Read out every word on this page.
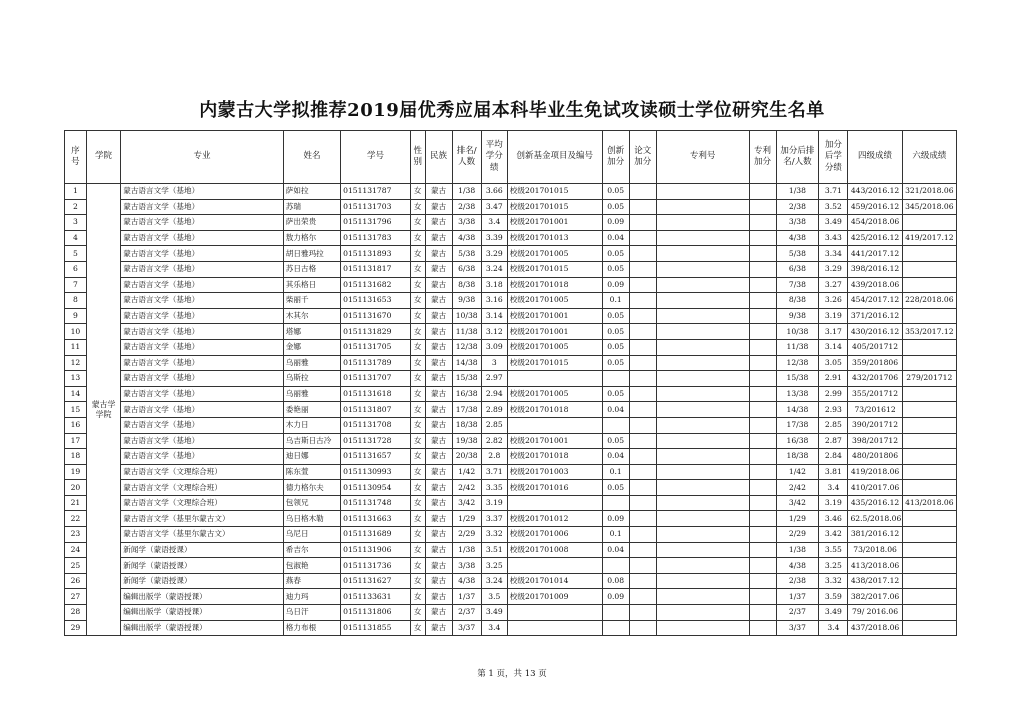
内蒙古大学拟推荐2019届优秀应届本科毕业生免试攻读硕士学位研究生名单
序号	学院	专业	姓名	学号	性别	民族	排名/人数	平均学分绩	创新基金项目及编号	创新加分	论文加分	专利号	专利加分	加分后排名/人数	加分后学分绩	四级成绩	六级成绩
1	蒙古学学院	蒙古语言文学（基地）	萨如拉	0151131787	女	蒙古	1/38	3.66	校级201701015	0.05				1/38	3.71	443/2016.12	321/2018.06
2		蒙古语言文学（基地）	苏瑞	0151131703	女	蒙古	2/38	3.47	校级201701015	0.05				2/38	3.52	459/2016.12	345/2018.06
3		蒙古语言文学（基地）	萨出荣贵	0151131796	女	蒙古	3/38	3.4	校级201701001	0.09				3/38	3.49	454/2018.06	
4		蒙古语言文学（基地）	敖力格尔	0151131783	女	蒙古	4/38	3.39	校级201701013	0.04				4/38	3.43	425/2016.12	419/2017.12
5		蒙古语言文学（基地）	胡日雅玛拉	0151131893	女	蒙古	5/38	3.29	校级201701005	0.05				5/38	3.34	441/2017.12	
6		蒙古语言文学（基地）	苏日古格	0151131817	女	蒙古	6/38	3.24	校级201701015	0.05				6/38	3.29	398/2016.12	
7		蒙古语言文学（基地）	其乐格日	0151131682	女	蒙古	8/38	3.18	校级201701018	0.09				7/38	3.27	439/2018.06	
8		蒙古语言文学（基地）	柴丽千	0151131653	女	蒙古	9/38	3.16	校级201701005	0.1				8/38	3.26	454/2017.12	228/2018.06
9		蒙古语言文学（基地）	木其尔	0151131670	女	蒙古	10/38	3.14	校级201701001	0.05				9/38	3.19	371/2016.12	
10		蒙古语言文学（基地）	塔娜	0151131829	女	蒙古	11/38	3.12	校级201701001	0.05				10/38	3.17	430/2016.12	353/2017.12
11		蒙古语言文学（基地）	金娜	0151131705	女	蒙古	12/38	3.09	校级201701005	0.05				11/38	3.14	405/201712	
12		蒙古语言文学（基地）	乌丽雅	0151131789	女	蒙古	14/38	3	校级201701015	0.05				12/38	3.05	359/201806	
13		蒙古语言文学（基地）	乌斯拉	0151131707	女	蒙古	15/38	2.97						15/38	2.91	432/201706	279/201712
14		蒙古语言文学（基地）	乌丽雅	0151131618	女	蒙古	16/38	2.94	校级201701005	0.05				13/38	2.99	355/201712	
15		蒙古语言文学（基地）	委艳丽	0151131807	女	蒙古	17/38	2.89	校级201701018	0.04				14/38	2.93	73/201612	
16		蒙古语言文学（基地）	木力日	0151131708	女	蒙古	18/38	2.85						17/38	2.85	390/201712	
17		蒙古语言文学（基地）	乌吉斯日古冷	0151131728	女	蒙古	19/38	2.82	校级201701001	0.05				16/38	2.87	398/201712	
18		蒙古语言文学（基地）	迪日娜	0151131657	女	蒙古	20/38	2.8	校级201701018	0.04				18/38	2.84	480/201806	
19		蒙古语言文学（文理综合班）	陈东萱	0151130993	女	蒙古	1/42	3.71	校级201701003	0.1				1/42	3.81	419/2018.06	
20		蒙古语言文学（文理综合班）	德力格尔夫	0151130954	女	蒙古	2/42	3.35	校级201701016	0.05				2/42	3.4	410/2017.06	
21		蒙古语言文学（文理综合班）	包领兄	0151131748	女	蒙古	3/42	3.19						3/42	3.19	435/2016.12	413/2018.06
22		蒙古语言文学（基里尔蒙古文）	乌日格木勒	0151131663	女	蒙古	1/29	3.37	校级201701012	0.09				1/29	3.46	62.5/2018.06	
23		蒙古语言文学（基里尔蒙古文）	乌尼日	0151131689	女	蒙古	2/29	3.32	校级201701006	0.1				2/29	3.42	381/2016.12	
24		新闻学（蒙语授课）	希吉尔	0151131906	女	蒙古	1/38	3.51	校级201701008	0.04				1/38	3.55	73/2018.06	
25		新闻学（蒙语授课）	包淑艳	0151131736	女	蒙古	3/38	3.25						4/38	3.25	413/2018.06	
26		新闻学（蒙语授课）	燕春	0151131627	女	蒙古	4/38	3.24	校级201701014	0.08				2/38	3.32	438/2017.12	
27		编辑出版学（蒙语授课）	迪力玛	0151133631	女	蒙古	1/37	3.5	校级201701009	0.09				1/37	3.59	382/2017.06	
28		编辑出版学（蒙语授课）	乌日汗	0151131806	女	蒙古	2/37	3.49						2/37	3.49	79/ 2016.06	
29		编辑出版学（蒙语授课）	格力布根	0151131855	女	蒙古	3/37	3.4						3/37	3.4	437/2018.06	
第 1 页，共 13 页
